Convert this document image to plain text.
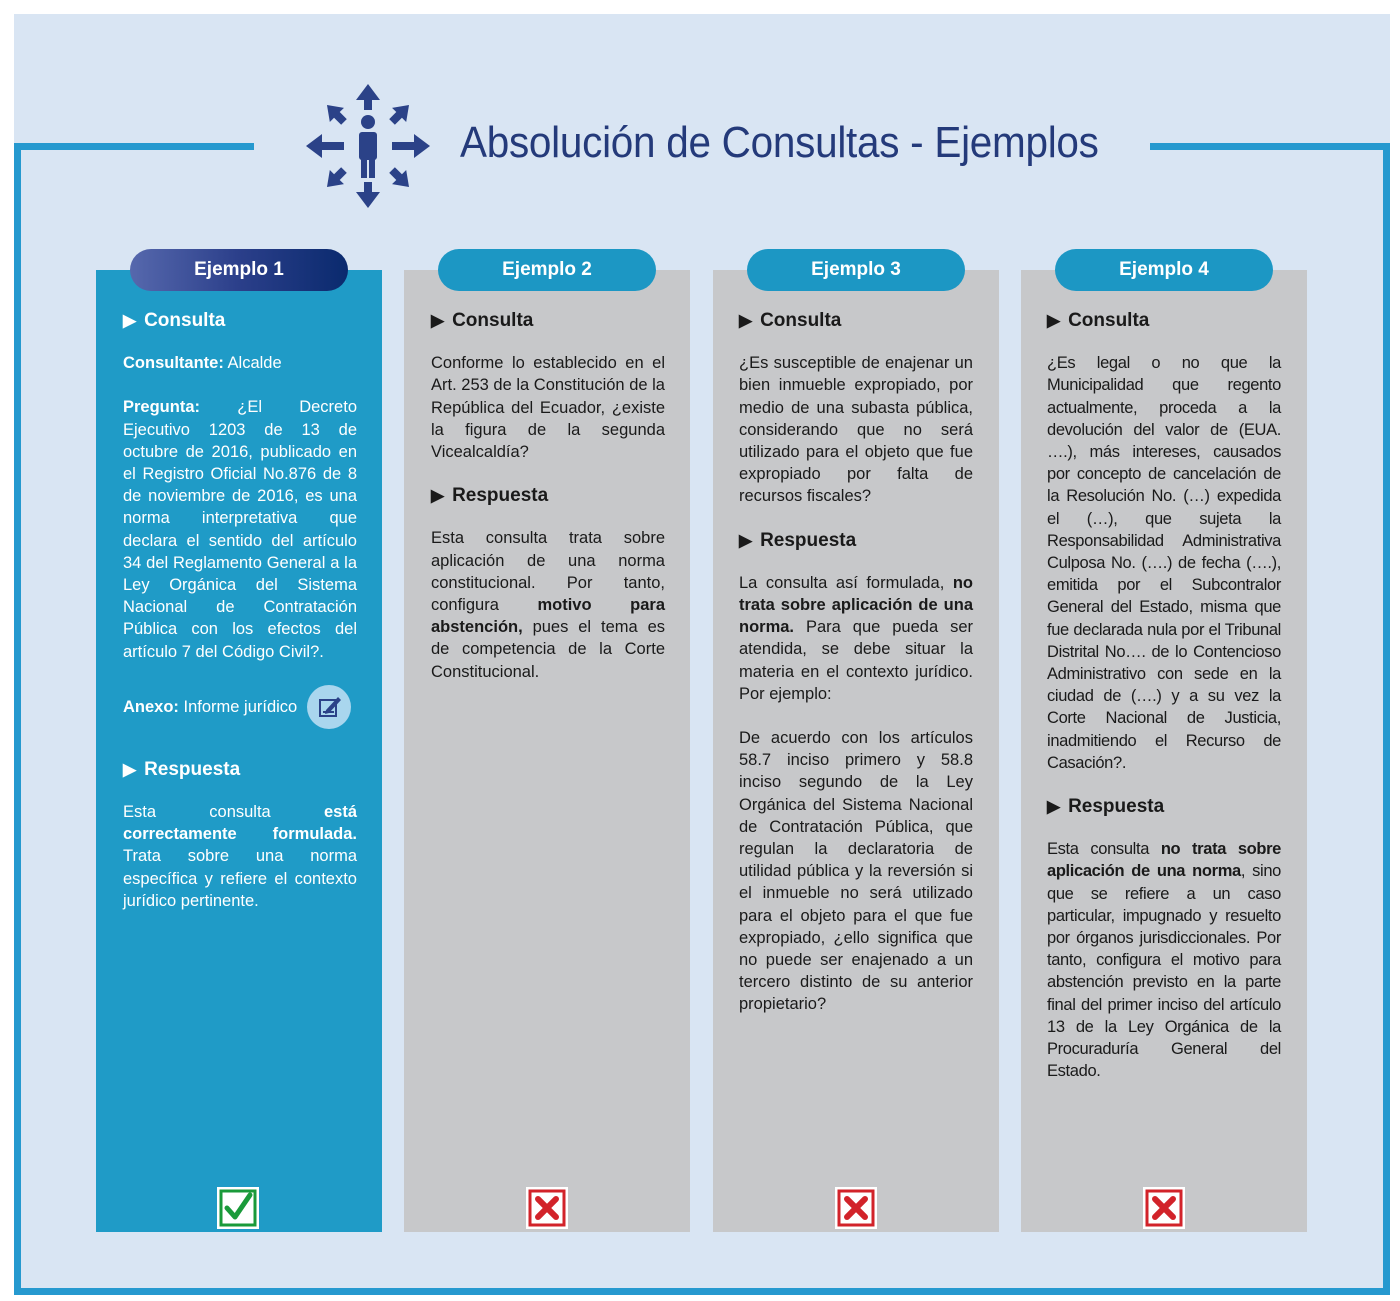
Absolución de Consultas - Ejemplos
Ejemplo 1
▶ Consulta

Consultante: Alcalde

Pregunta: ¿El Decreto Ejecutivo 1203 de 13 de octubre de 2016, publicado en el Registro Oficial No.876 de 8 de noviembre de 2016, es una norma interpretativa que declara el sentido del artículo 34 del Reglamento General a la Ley Orgánica del Sistema Nacional de Contratación Pública con los efectos del artículo 7 del Código Civil?.

Anexo: Informe jurídico
▶ Respuesta

Esta consulta está correctamente formulada. Trata sobre una norma específica y refiere el contexto jurídico pertinente.

Ejemplo 2
▶ Consulta

Conforme lo establecido en el Art. 253 de la Constitución de la República del Ecuador, ¿existe la figura de la segunda Vicealcaldía?

▶ Respuesta

Esta consulta trata sobre aplicación de una norma constitucional. Por tanto, configura motivo para abstención, pues el tema es de competencia de la Corte Constitucional.

Ejemplo 3
▶ Consulta

¿Es susceptible de enajenar un bien inmueble expropiado, por medio de una subasta pública, considerando que no será utilizado para el objeto que fue expropiado por falta de recursos fiscales?

▶ Respuesta

La consulta así formulada, no trata sobre aplicación de una norma. Para que pueda ser atendida, se debe situar la materia en el contexto jurídico. Por ejemplo:

De acuerdo con los artículos 58.7 inciso primero y 58.8 inciso segundo de la Ley Orgánica del Sistema Nacional de Contratación Pública, que regulan la declaratoria de utilidad pública y la reversión si el inmueble no será utilizado para el objeto para el que fue expropiado, ¿ello significa que no puede ser enajenado a un tercero distinto de su anterior propietario?

Ejemplo 4
▶ Consulta

¿Es legal o no que la Municipalidad que regento actualmente, proceda a la devolución del valor de (EUA. ….), más intereses, causados por concepto de cancelación de la Resolución No. (…) expedida el (…), que sujeta la Responsabilidad Administrativa Culposa No. (….) de fecha (….), emitida por el Subcontralor General del Estado, misma que fue declarada nula por el Tribunal Distrital No…. de lo Contencioso Administrativo con sede en la ciudad de (….) y a su vez la Corte Nacional de Justicia, inadmitiendo el Recurso de Casación?.

▶ Respuesta

Esta consulta no trata sobre aplicación de una norma, sino que se refiere a un caso particular, impugnado y resuelto por órganos jurisdiccionales. Por tanto, configura el motivo para abstención previsto en la parte final del primer inciso del artículo 13 de la Ley Orgánica de la Procuraduría General del Estado.
